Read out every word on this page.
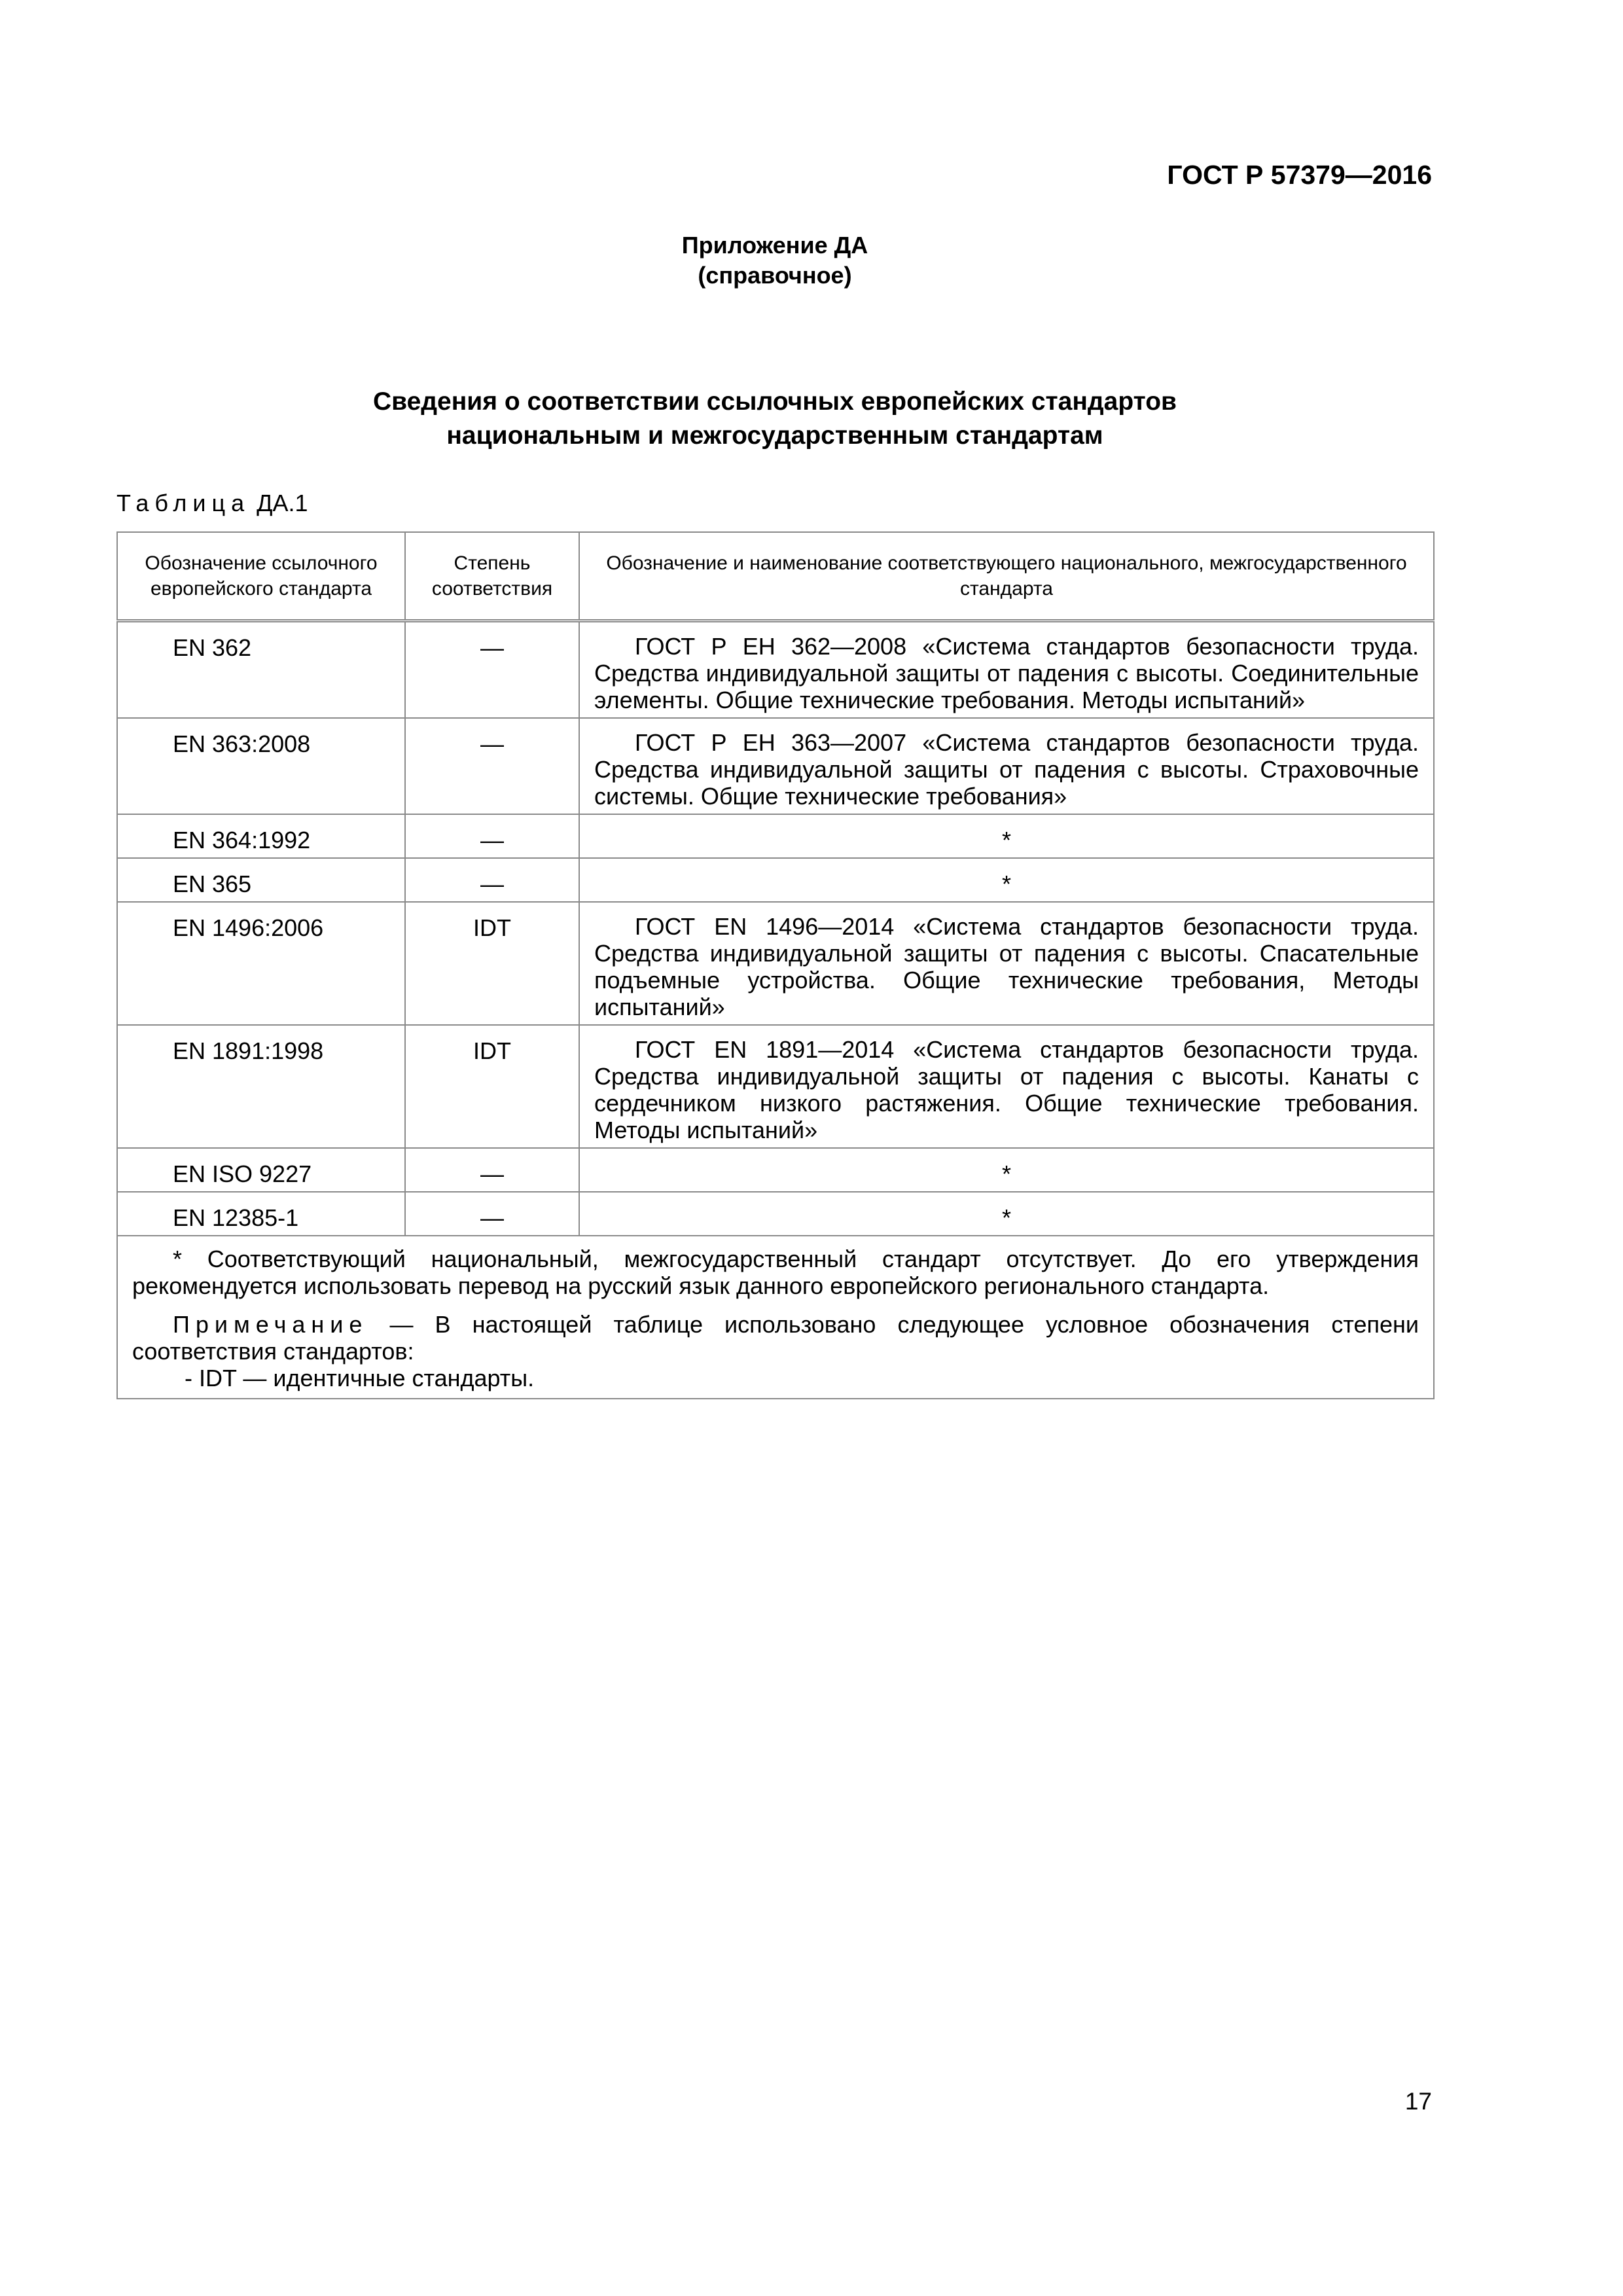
ГОСТ Р 57379—2016
Приложение ДА
(справочное)
Сведения о соответствии ссылочных европейских стандартов
национальным и межгосударственным стандартам
Таблица ДА.1
Обозначение ссылочного европейского стандарта	Степень соответствия	Обозначение и наименование соответствующего национального, межгосударственного стандарта
EN 362	—	ГОСТ Р ЕН 362—2008 «Система стандартов безопасности труда. Средства индивидуальной защиты от падения с высоты. Соединительные элементы. Общие технические требования. Методы испытаний»
EN 363:2008	—	ГОСТ Р ЕН 363—2007 «Система стандартов безопасности труда. Средства индивидуальной защиты от падения с высоты. Страховочные системы. Общие технические требования»
EN 364:1992	—	*
EN 365	—	*
EN 1496:2006	IDT	ГОСТ EN 1496—2014 «Система стандартов безопасности труда. Средства индивидуальной защиты от падения с высоты. Спасательные подъемные устройства. Общие технические требования, Методы испытаний»
EN 1891:1998	IDT	ГОСТ EN 1891—2014 «Система стандартов безопасности труда. Средства индивидуальной защиты от падения с высоты. Канаты с сердечником низкого растяжения. Общие технические требования. Методы испытаний»
EN ISO 9227	—	*
EN 12385-1	—	*

* Соответствующий национальный, межгосударственный стандарт отсутствует. До его утверждения рекомендуется использовать перевод на русский язык данного европейского регионального стандарта.

Примечание — В настоящей таблице использовано следующее условное обозначения степени соответствия стандартов:

- IDT — идентичные стандарты.		

17
